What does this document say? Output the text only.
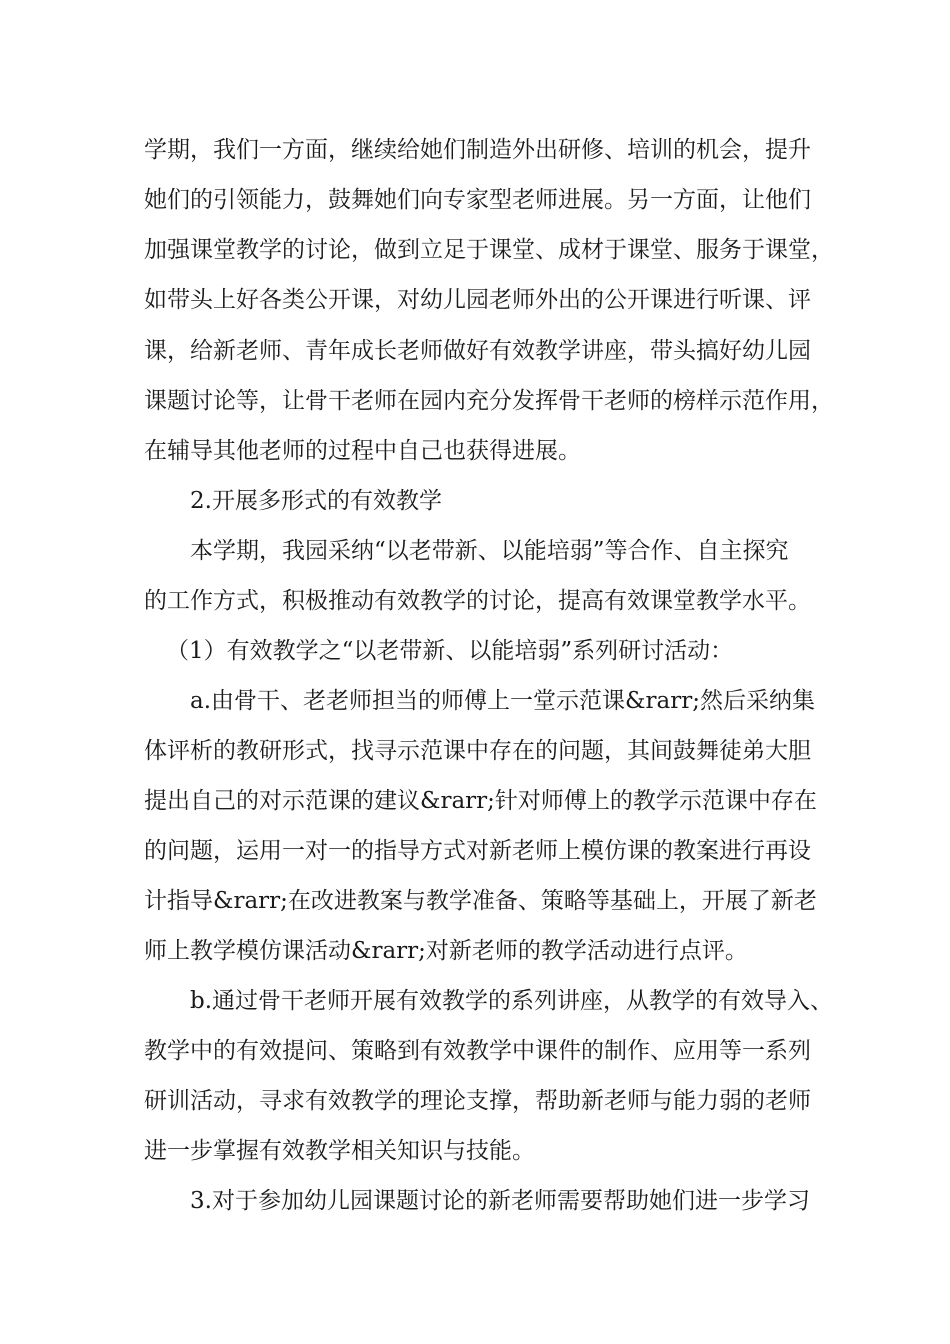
学期，我们一方面，继续给她们制造外出研修、培训的机会，提升
她们的引领能力，鼓舞她们向专家型老师进展。另一方面，让他们
加强课堂教学的讨论，做到立足于课堂、成材于课堂、服务于课堂，
如带头上好各类公开课，对幼儿园老师外出的公开课进行听课、评
课，给新老师、青年成长老师做好有效教学讲座，带头搞好幼儿园
课题讨论等，让骨干老师在园内充分发挥骨干老师的榜样示范作用，
在辅导其他老师的过程中自己也获得进展。
2.开展多形式的有效教学
本学期，我园采纳“以老带新、以能培弱”等合作、自主探究
的工作方式，积极推动有效教学的讨论，提高有效课堂教学水平。
（1）有效教学之“以老带新、以能培弱”系列研讨活动：
a.由骨干、老老师担当的师傅上一堂示范课&rarr;然后采纳集
体评析的教研形式，找寻示范课中存在的问题，其间鼓舞徒弟大胆
提出自己的对示范课的建议&rarr;针对师傅上的教学示范课中存在
的问题，运用一对一的指导方式对新老师上模仿课的教案进行再设
计指导&rarr;在改进教案与教学准备、策略等基础上，开展了新老
师上教学模仿课活动&rarr;对新老师的教学活动进行点评。
b.通过骨干老师开展有效教学的系列讲座，从教学的有效导入、
教学中的有效提问、策略到有效教学中课件的制作、应用等一系列
研训活动，寻求有效教学的理论支撑，帮助新老师与能力弱的老师
进一步掌握有效教学相关知识与技能。
3.对于参加幼儿园课题讨论的新老师需要帮助她们进一步学习
